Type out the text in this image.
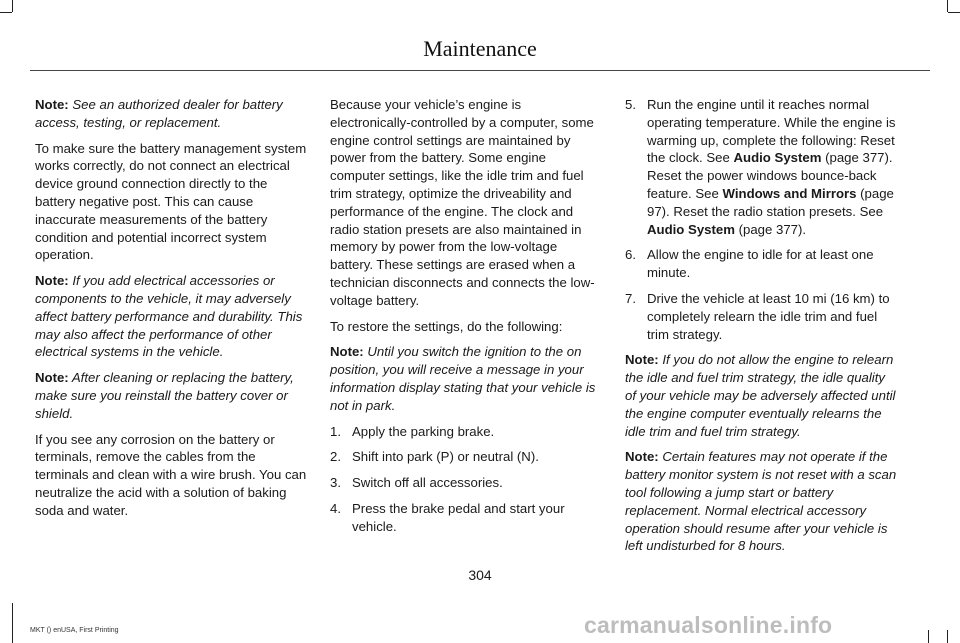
Maintenance

Note: See an authorized dealer for battery access, testing, or replacement.

To make sure the battery management system works correctly, do not connect an electrical device ground connection directly to the battery negative post. This can cause inaccurate measurements of the battery condition and potential incorrect system operation.

Note: If you add electrical accessories or components to the vehicle, it may adversely affect battery performance and durability. This may also affect the performance of other electrical systems in the vehicle.

Note: After cleaning or replacing the battery, make sure you reinstall the battery cover or shield.

If you see any corrosion on the battery or terminals, remove the cables from the terminals and clean with a wire brush. You can neutralize the acid with a solution of baking soda and water.

Because your vehicle’s engine is electronically-controlled by a computer, some engine control settings are maintained by power from the battery. Some engine computer settings, like the idle trim and fuel trim strategy, optimize the driveability and performance of the engine. The clock and radio station presets are also maintained in memory by power from the low-voltage battery. These settings are erased when a technician disconnects and connects the low-voltage battery.

To restore the settings, do the following:

Note: Until you switch the ignition to the on position, you will receive a message in your information display stating that your vehicle is not in park.

1. Apply the parking brake.
2. Shift into park (P) or neutral (N).
3. Switch off all accessories.
4. Press the brake pedal and start your vehicle.
5. Run the engine until it reaches normal operating temperature. While the engine is warming up, complete the following: Reset the clock. See Audio System (page 377). Reset the power windows bounce-back feature. See Windows and Mirrors (page 97). Reset the radio station presets. See Audio System (page 377).
6. Allow the engine to idle for at least one minute.
7. Drive the vehicle at least 10 mi (16 km) to completely relearn the idle trim and fuel trim strategy.

Note: If you do not allow the engine to relearn the idle and fuel trim strategy, the idle quality of your vehicle may be adversely affected until the engine computer eventually relearns the idle trim and fuel trim strategy.

Note: Certain features may not operate if the battery monitor system is not reset with a scan tool following a jump start or battery replacement. Normal electrical accessory operation should resume after your vehicle is left undisturbed for 8 hours.

304
MKT () enUSA, First Printing	carmanualsonline.info
